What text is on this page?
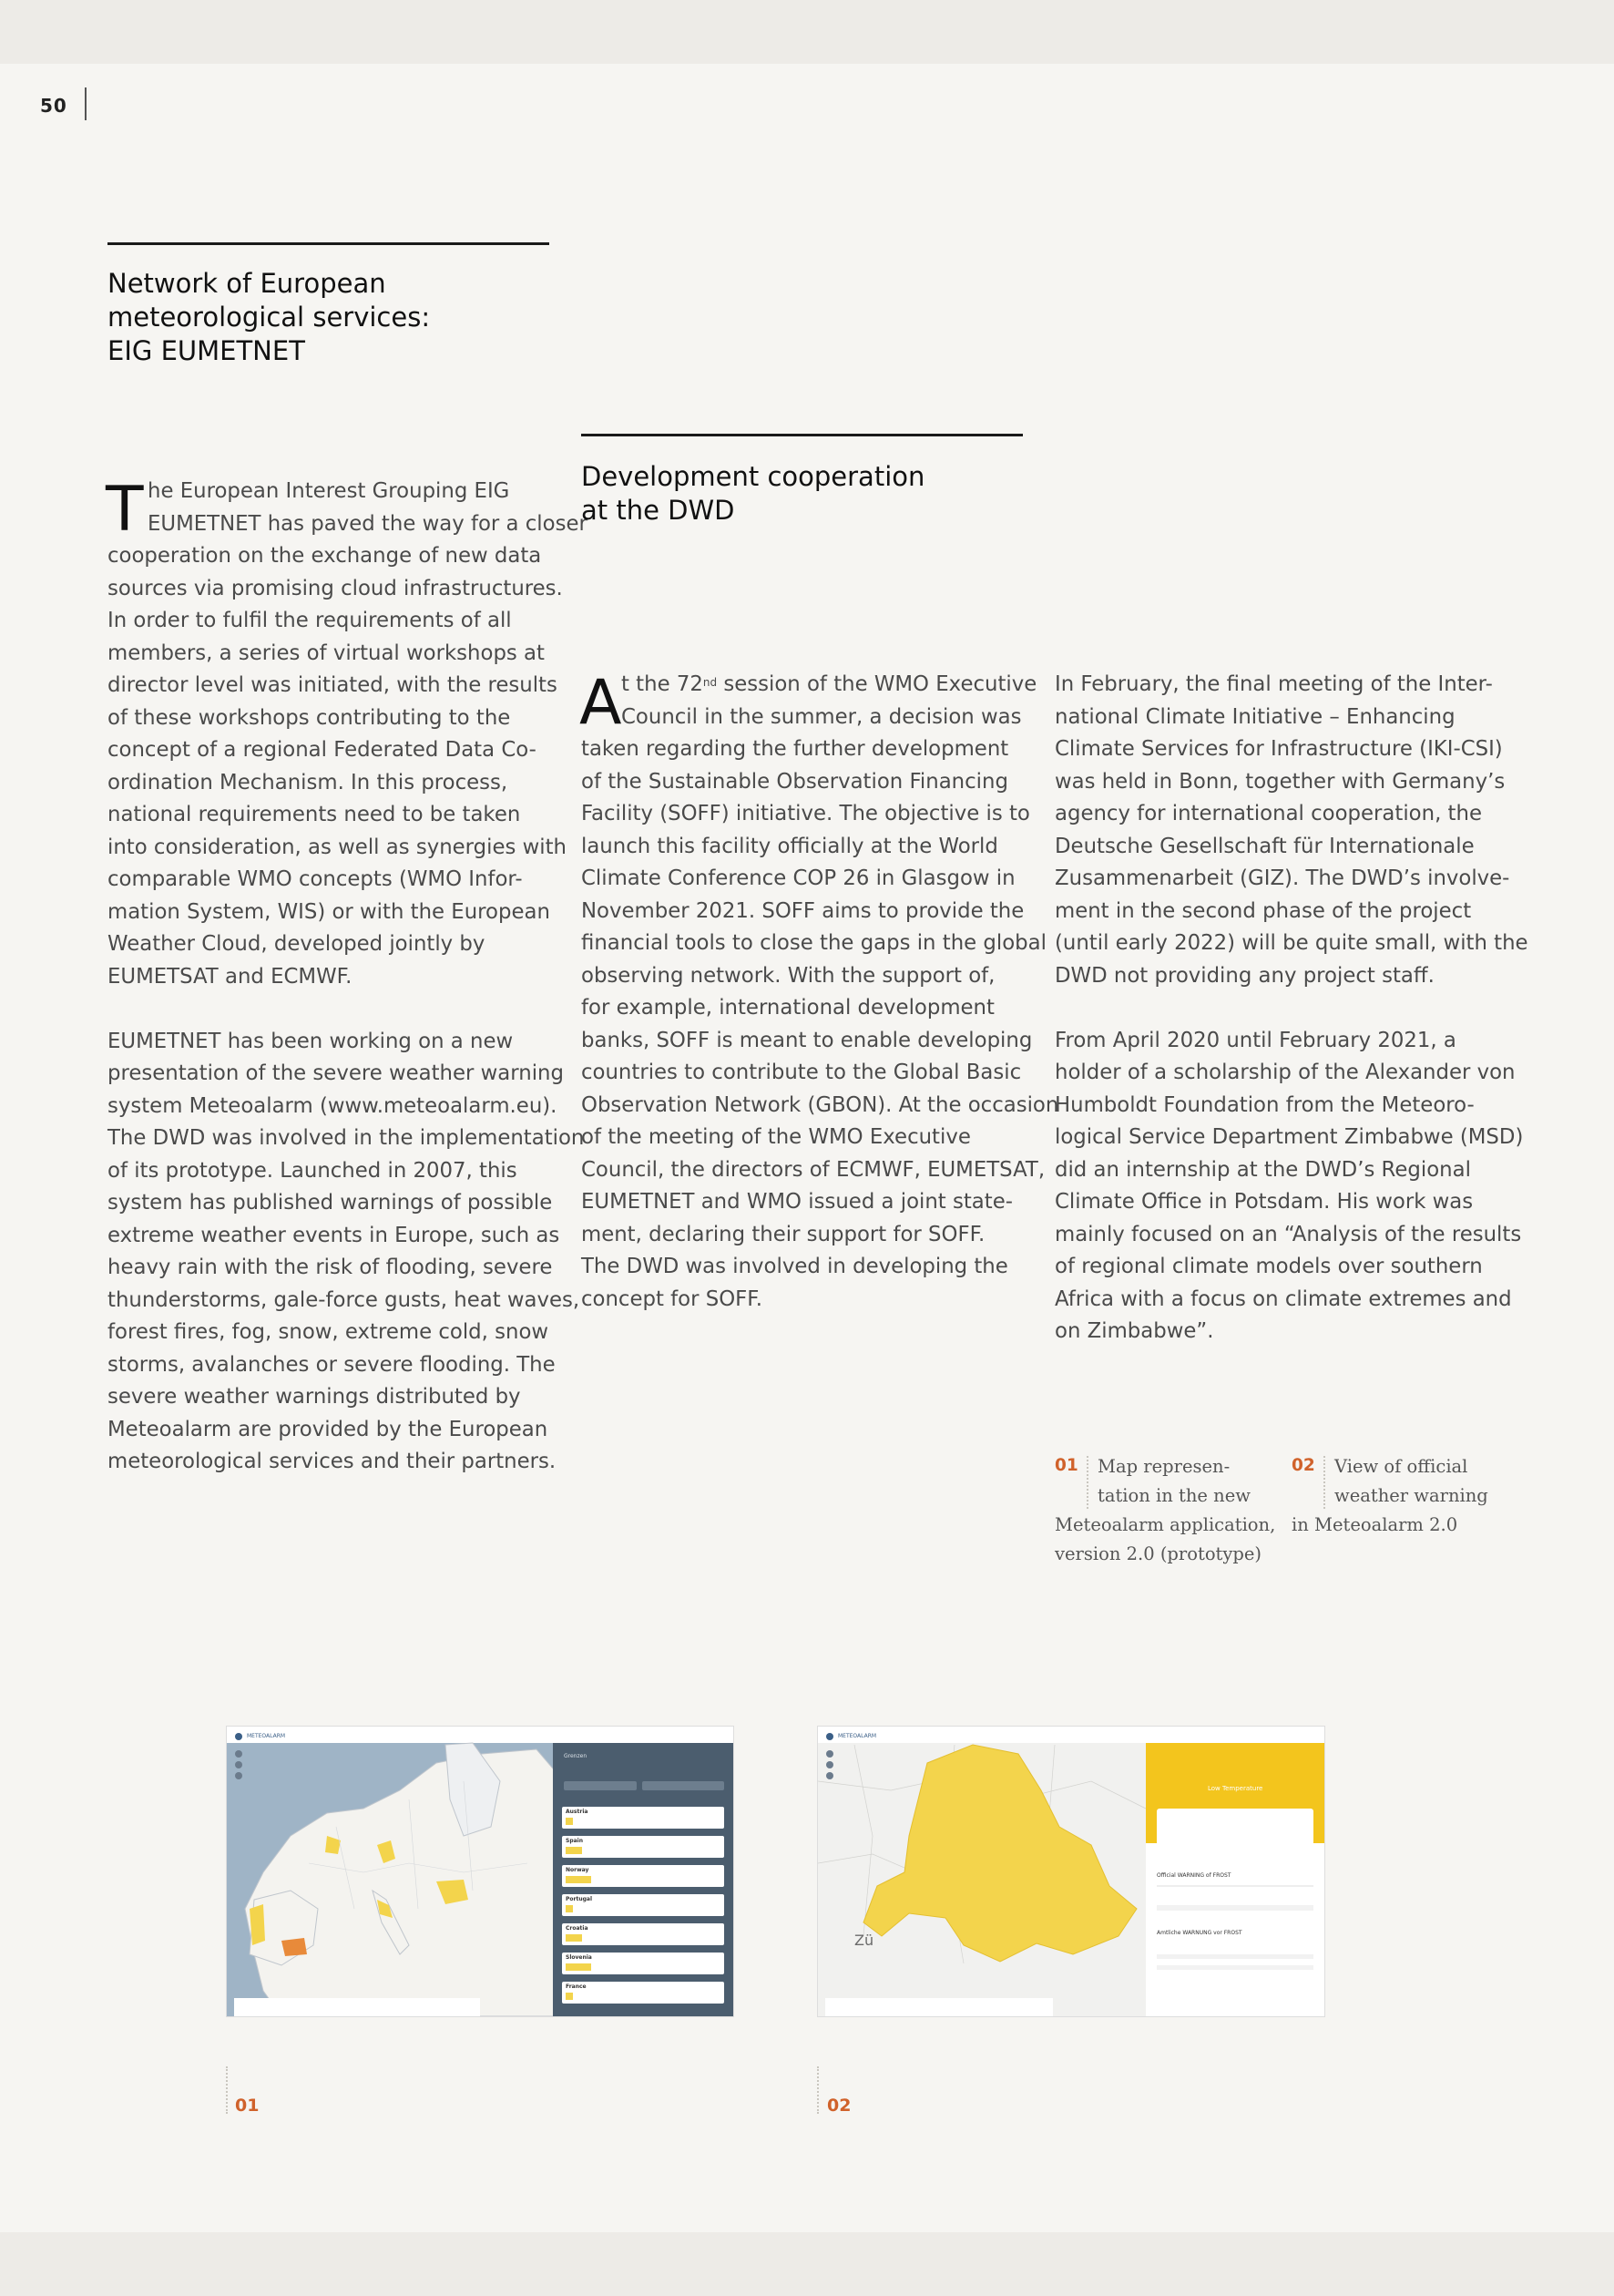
50
Network of European
meteorological services:
EIG EUMETNET
T he European Interest Grouping EIG

EUMETNET has paved the way for a closer

cooperation on the exchange of new data

sources via promising cloud infrastructures.

In order to fulfil the requirements of all

members, a series of virtual workshops at

director level was initiated, with the results

of these workshops contributing to the

concept of a regional Federated Data Co-

ordination Mechanism. In this process,

national requirements need to be taken

into consideration, as well as synergies with

comparable WMO concepts (WMO Infor-

mation System, WIS) or with the European

Weather Cloud, developed jointly by

EUMETSAT and ECMWF.

EUMETNET has been working on a new

presentation of the severe weather warning

system Meteoalarm (www.meteoalarm.eu).

The DWD was involved in the implementation

of its prototype. Launched in 2007, this

system has published warnings of possible

extreme weather events in Europe, such as

heavy rain with the risk of flooding, severe

thunderstorms, gale-force gusts, heat waves,

forest fires, fog, snow, extreme cold, snow

storms, avalanches or severe flooding. The

severe weather warnings distributed by

Meteoalarm are provided by the European

meteorological services and their partners.

Development cooperation
at the DWD
A t the 72nd session of the WMO Executive

Council in the summer, a decision was

taken regarding the further development

of the Sustainable Observation Financing

Facility (SOFF) initiative. The objective is to

launch this facility officially at the World

Climate Conference COP 26 in Glasgow in

November 2021. SOFF aims to provide the

financial tools to close the gaps in the global

observing network. With the support of,

for example, international development

banks, SOFF is meant to enable developing

countries to contribute to the Global Basic

Observation Network (GBON). At the occasion

of the meeting of the WMO Executive

Council, the directors of ECMWF, EUMETSAT,

EUMETNET and WMO issued a joint state-

ment, declaring their support for SOFF.

The DWD was involved in developing the

concept for SOFF.

In February, the final meeting of the Inter-

national Climate Initiative – Enhancing

Climate Services for Infrastructure (IKI-CSI)

was held in Bonn, together with Germany’s

agency for international cooperation, the

Deutsche Gesellschaft für Internationale

Zusammenarbeit (GIZ). The DWD’s involve-

ment in the second phase of the project

(until early 2022) will be quite small, with the

DWD not providing any project staff.

From April 2020 until February 2021, a

holder of a scholarship of the Alexander von

Humboldt Foundation from the Meteoro-

logical Service Department Zimbabwe (MSD)

did an internship at the DWD’s Regional

Climate Office in Potsdam. His work was

mainly focused on an “Analysis of the results

of regional climate models over southern

Africa with a focus on climate extremes and

on Zimbabwe”.

01	Map represen-

tation in the new

Meteoalarm application,

version 2.0 (prototype)

02	View of official

weather warning

in Meteoalarm 2.0

METEOALARM
Grenzen
Austria
Spain
Norway
Portugal
Croatia
Slovenia
France
01
METEOALARM
Zü
Low Temperature
Official WARNING of FROST
Amtliche WARNUNG vor FROST
02
